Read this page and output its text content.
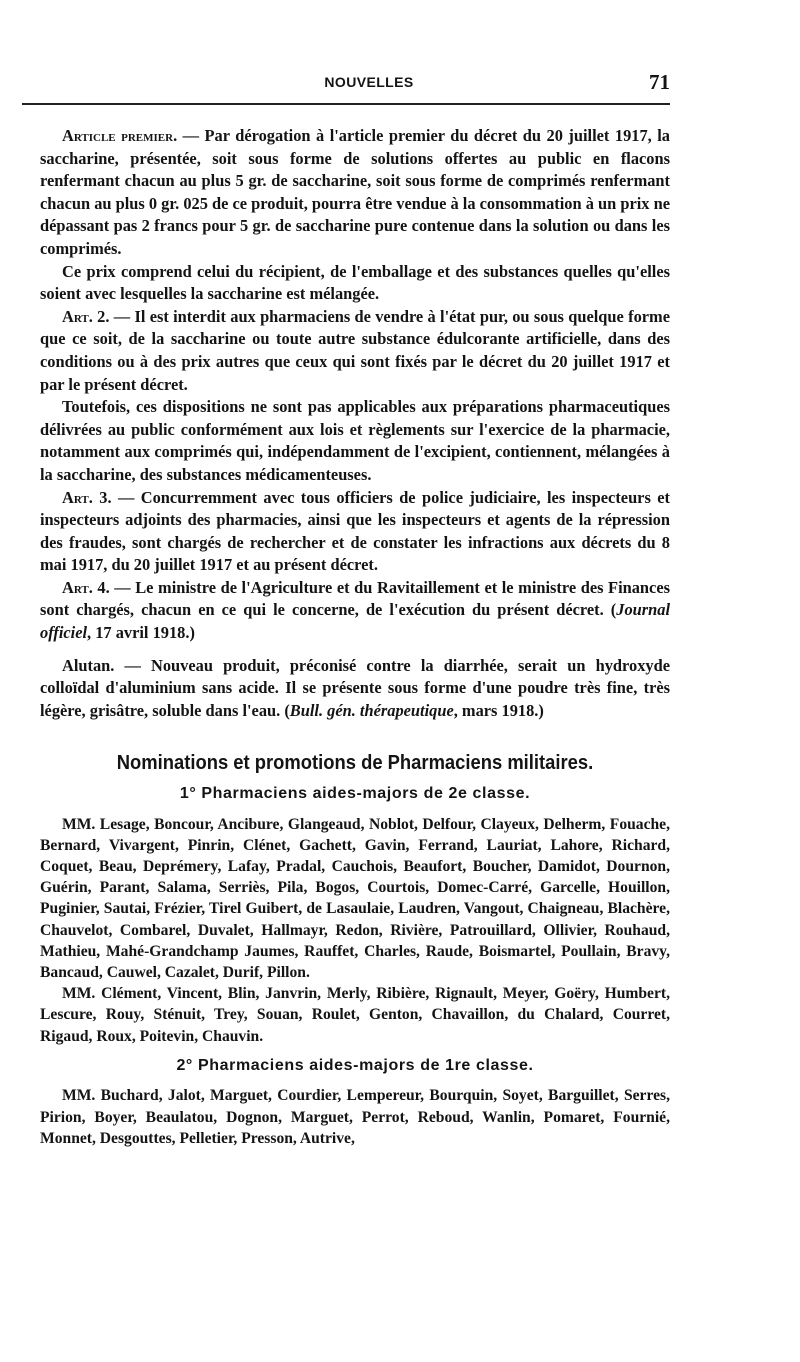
NOUVELLES	71

Article premier. — Par dérogation à l'article premier du décret du 20 juillet 1917, la saccharine, présentée, soit sous forme de solutions offertes au public en flacons renfermant chacun au plus 5 gr. de saccharine, soit sous forme de comprimés renfermant chacun au plus 0 gr. 025 de ce produit, pourra être vendue à la consommation à un prix ne dépassant pas 2 francs pour 5 gr. de saccharine pure contenue dans la solution ou dans les comprimés.

Ce prix comprend celui du récipient, de l'emballage et des substances quelles qu'elles soient avec lesquelles la saccharine est mélangée.

Art. 2. — Il est interdit aux pharmaciens de vendre à l'état pur, ou sous quelque forme que ce soit, de la saccharine ou toute autre substance édulcorante artificielle, dans des conditions ou à des prix autres que ceux qui sont fixés par le décret du 20 juillet 1917 et par le présent décret.

Toutefois, ces dispositions ne sont pas applicables aux préparations pharmaceutiques délivrées au public conformément aux lois et règlements sur l'exercice de la pharmacie, notamment aux comprimés qui, indépendamment de l'excipient, contiennent, mélangées à la saccharine, des substances médicamenteuses.

Art. 3. — Concurremment avec tous officiers de police judiciaire, les inspecteurs et inspecteurs adjoints des pharmacies, ainsi que les inspecteurs et agents de la répression des fraudes, sont chargés de rechercher et de constater les infractions aux décrets du 8 mai 1917, du 20 juillet 1917 et au présent décret.

Art. 4. — Le ministre de l'Agriculture et du Ravitaillement et le ministre des Finances sont chargés, chacun en ce qui le concerne, de l'exécution du présent décret. (Journal officiel, 17 avril 1918.)

Alutan. — Nouveau produit, préconisé contre la diarrhée, serait un hydroxyde colloïdal d'aluminium sans acide. Il se présente sous forme d'une poudre très fine, très légère, grisâtre, soluble dans l'eau. (Bull. gén. thérapeutique, mars 1918.)

Nominations et promotions de Pharmaciens militaires.
1° Pharmaciens aides-majors de 2e classe.

MM. Lesage, Boncour, Ancibure, Glangeaud, Noblot, Delfour, Clayeux, Delherm, Fouache, Bernard, Vivargent, Pinrin, Clénet, Gachett, Gavin, Ferrand, Lauriat, Lahore, Richard, Coquet, Beau, Deprémery, Lafay, Pradal, Cauchois, Beaufort, Boucher, Damidot, Dournon, Guérin, Parant, Salama, Serriès, Pila, Bogos, Courtois, Domec-Carré, Garcelle, Houillon, Puginier, Sautai, Frézier, Tirel Guibert, de Lasaulaie, Laudren, Vangout, Chaigneau, Blachère, Chauvelot, Combarel, Duvalet, Hallmayr, Redon, Rivière, Patrouillard, Ollivier, Rouhaud, Mathieu, Mahé-Grandchamp Jaumes, Rauffet, Charles, Raude, Boismartel, Poullain, Bravy, Bancaud, Cauwel, Cazalet, Durif, Pillon.

MM. Clément, Vincent, Blin, Janvrin, Merly, Ribière, Rignault, Meyer, Goëry, Humbert, Lescure, Rouy, Sténuit, Trey, Souan, Roulet, Genton, Chavaillon, du Chalard, Courret, Rigaud, Roux, Poitevin, Chauvin.

2° Pharmaciens aides-majors de 1re classe.

MM. Buchard, Jalot, Marguet, Courdier, Lempereur, Bourquin, Soyet, Barguillet, Serres, Pirion, Boyer, Beaulatou, Dognon, Marguet, Perrot, Reboud, Wanlin, Pomaret, Fournié, Monnet, Desgouttes, Pelletier, Presson, Autrive,
